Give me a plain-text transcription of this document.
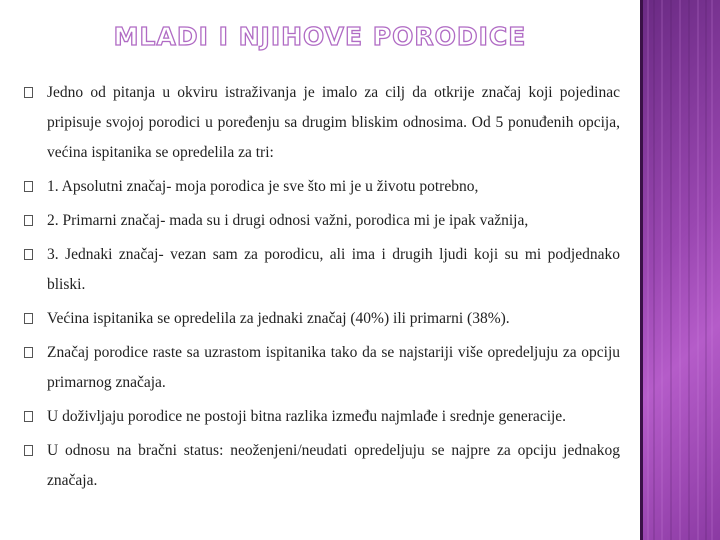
MLADI I NJIHOVE PORODICE
Jedno od pitanja u okviru istraživanja je imalo za cilj da otkrije značaj koji pojedinac pripisuje svojoj porodici u poređenju sa drugim bliskim odnosima. Od 5 ponuđenih opcija, većina ispitanika se opredelila za tri:
1. Apsolutni značaj- moja porodica je sve što mi je u životu potrebno,
2. Primarni značaj- mada su i drugi odnosi važni, porodica mi je ipak važnija,
3. Jednaki značaj- vezan sam za porodicu, ali ima i drugih ljudi koji su mi podjednako bliski.
Većina ispitanika se opredelila za jednaki značaj (40%) ili primarni (38%).
Značaj porodice raste sa uzrastom ispitanika tako da se najstariji više opredeljuju za opciju primarnog značaja.
U doživljaju porodice ne postoji bitna razlika između najmlađe i srednje generacije.
U odnosu na bračni status: neoženjeni/neudati opredeljuju se najpre za opciju jednakog značaja.
